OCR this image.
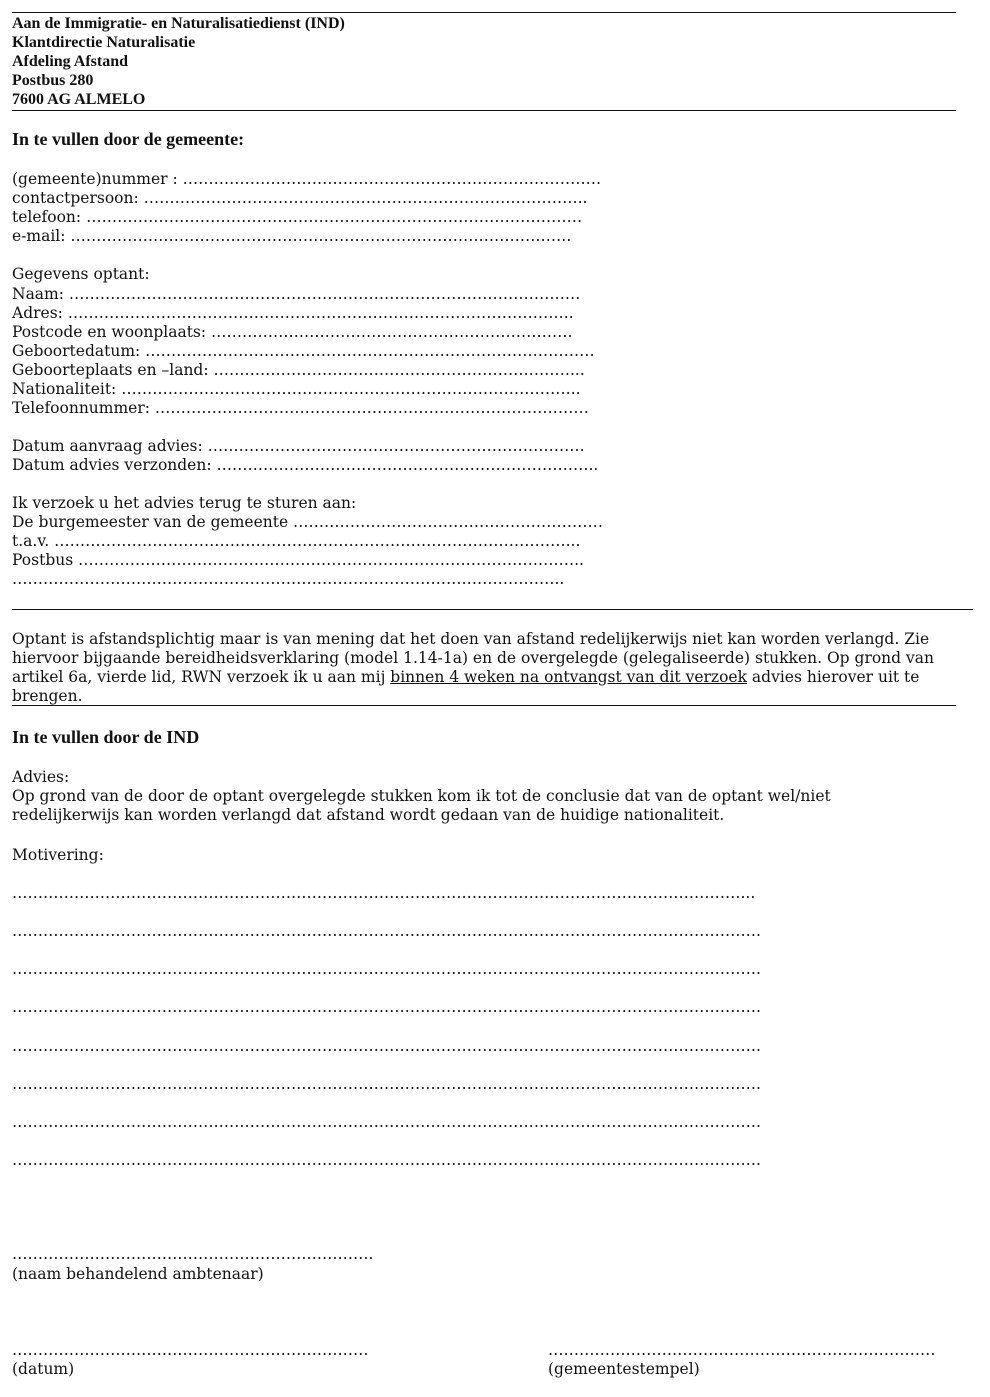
Aan de Immigratie- en Naturalisatiedienst (IND)
Klantdirectie Naturalisatie
Afdeling Afstand
Postbus 280
7600 AG ALMELO
In te vullen door de gemeente:
(gemeente)nummer : ………………………………………………………………………
contactpersoon: …………………………………………………………………………..
telefoon: ……………………………………………………………………………………
e-mail: …………………………………………………………………………………….
Gegevens optant:
Naam: ………………………………………………………………………………………
Adres: ……………………………………………………………………………………..
Postcode en woonplaats: …………………………………………………………….
Geboortedatum: ……………………………………………………………………………
Geboorteplaats en –land: ……………………………………………………………...
Nationaliteit: ……………………………………………………………………………..
Telefoonnummer: …………………………………………………………………………
Datum aanvraag advies: ……………………………………………………………….
Datum advies verzonden: ………………………………………………………………..
Ik verzoek u het advies terug te sturen aan:
De burgemeester van de gemeente ……………………………………………………
t.a.v. ………………………………………………………………………………………...
Postbus ……………………………………………………………………………………..
……………………………………………………………………………………………..
Optant is afstandsplichtig maar is van mening dat het doen van afstand redelijkerwijs niet kan worden verlangd. Zie hiervoor bijgaande bereidheidsverklaring (model 1.14-1a) en de overgelegde (gelegaliseerde) stukken. Op grond van artikel 6a, vierde lid, RWN verzoek ik u aan mij binnen 4 weken na ontvangst van dit verzoek advies hierover uit te brengen.
In te vullen door de IND
Advies:
Op grond van de door de optant overgelegde stukken kom ik tot de conclusie dat van de optant wel/niet redelijkerwijs kan worden verlangd dat afstand wordt gedaan van de huidige nationaliteit.
Motivering:
……………………………………………………………………………………………………………………………...
……………………………………………………………………………………………………………………………….
……………………………………………………………………………………………………………………………….
……………………………………………………………………………………………………………………………….
……………………………………………………………………………………………………………………………….
……………………………………………………………………………………………………………………………….
……………………………………………………………………………………………………………………………….
……………………………………………………………………………………………………………………………….
…………………………………………………………….
(naam behandelend ambtenaar)
……………………………………………………………
(datum)
…………………………………………………………………
(gemeentestempel)
